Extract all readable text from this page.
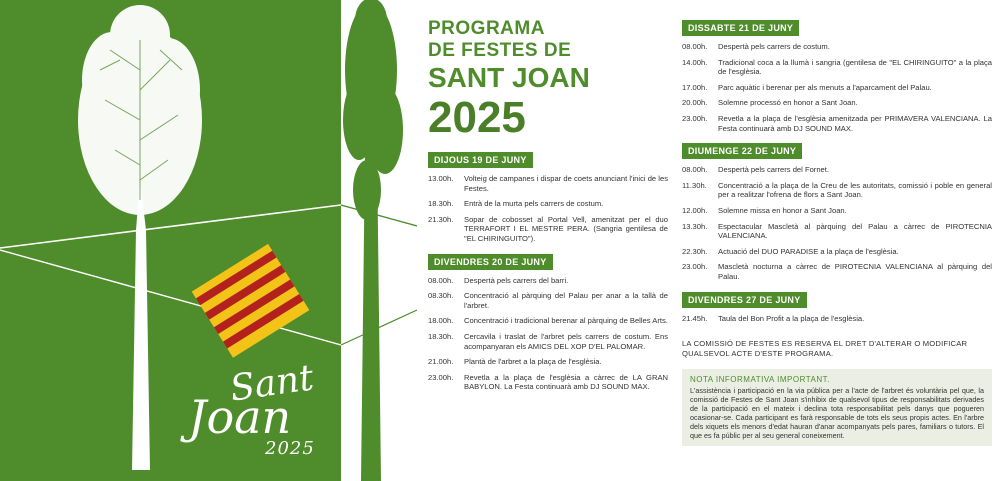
Sant
Joan
2025
PROGRAMA
DE FESTES DE
SANT JOAN
2025
DIJOUS 19 DE JUNY
13.00h.	Volteig de campanes i dispar de coets anunciant l'inici de les Festes.
18.30h.	Entrà de la murta pels carrers de costum.
21.30h.	Sopar de cobosset al Portal Vell, amenitzat per el duo TERRAFORT I EL MESTRE PERA. (Sangria gentilesa de "EL CHIRINGUITO").
DIVENDRES 20 DE JUNY
08.00h.	Despertà pels carrers del barri.
08.30h.	Concentració al pàrquing del Palau per anar a la tallà de l'arbret.
18.00h.	Concentració i tradicional berenar al pàrquing de Belles Arts.
18.30h.	Cercavila i traslat de l'arbret pels carrers de costum. Ens acompanyaran els AMICS DEL XOP D'EL PALOMAR.
21.00h.	Plantà de l'arbret a la plaça de l'esglèsia.
23.00h.	Revetla a la plaça de l'esglèsia a càrrec de LA GRAN BABYLON. La Festa continuarà amb DJ SOUND MAX.
DISSABTE 21 DE JUNY
08.00h.	Despertà pels carrers de costum.
14.00h.	Tradicional coca a la llumà i sangria (gentilesa de "EL CHIRINGUITO" a la plaça de l'esglèsia.
17.00h.	Parc aquàtic i berenar per als menuts a l'aparcament del Palau.
20.00h.	Solemne processó en honor a Sant Joan.
23.00h.	Revetla a la plaça de l'esglèsia amenitzada per PRIMAVERA VALENCIANA. La Festa continuarà amb DJ SOUND MAX.
DIUMENGE 22 DE JUNY
08.00h.	Despertà pels carrers del Fornet.
11.30h.	Concentració a la plaça de la Creu de les autoritats, comissió i poble en general per a realitzar l'ofrena de flors a Sant Joan.
12.00h.	Solemne missa en honor a Sant Joan.
13.30h.	Espectacular Mascletà al pàrquing del Palau a càrrec de PIROTECNIA VALENCIANA.
22.30h.	Actuació del DUO PARADISE a la plaça de l'esglèsia.
23.00h.	Mascletà nocturna a càrrec de PIROTECNIA VALENCIANA al pàrquing del Palau.
DIVENDRES 27 DE JUNY
21.45h.	Taula del Bon Profit a la plaça de l'esglèsia.
LA COMISSIÓ DE FESTES ES RESERVA EL DRET D'ALTERAR O MODIFICAR QUALSEVOL ACTE D'ESTE PROGRAMA.
NOTA INFORMATIVA IMPORTANT.
L'assistència i participació en la via pública per a l'acte de l'arbret és voluntària pel que, la comissió de Festes de Sant Joan s'inhibix de qualsevol tipus de responsabilitats derivades de la participació en el mateix i declina tota responsabilitat pels danys que pogueren ocasionar-se. Cada participant es farà responsable de tots els seus propis actes. En l'arbre dels xiquets els menors d'edat hauran d'anar acompanyats pels pares, familiars o tutors. El que es fa públic per al seu general coneixement.
